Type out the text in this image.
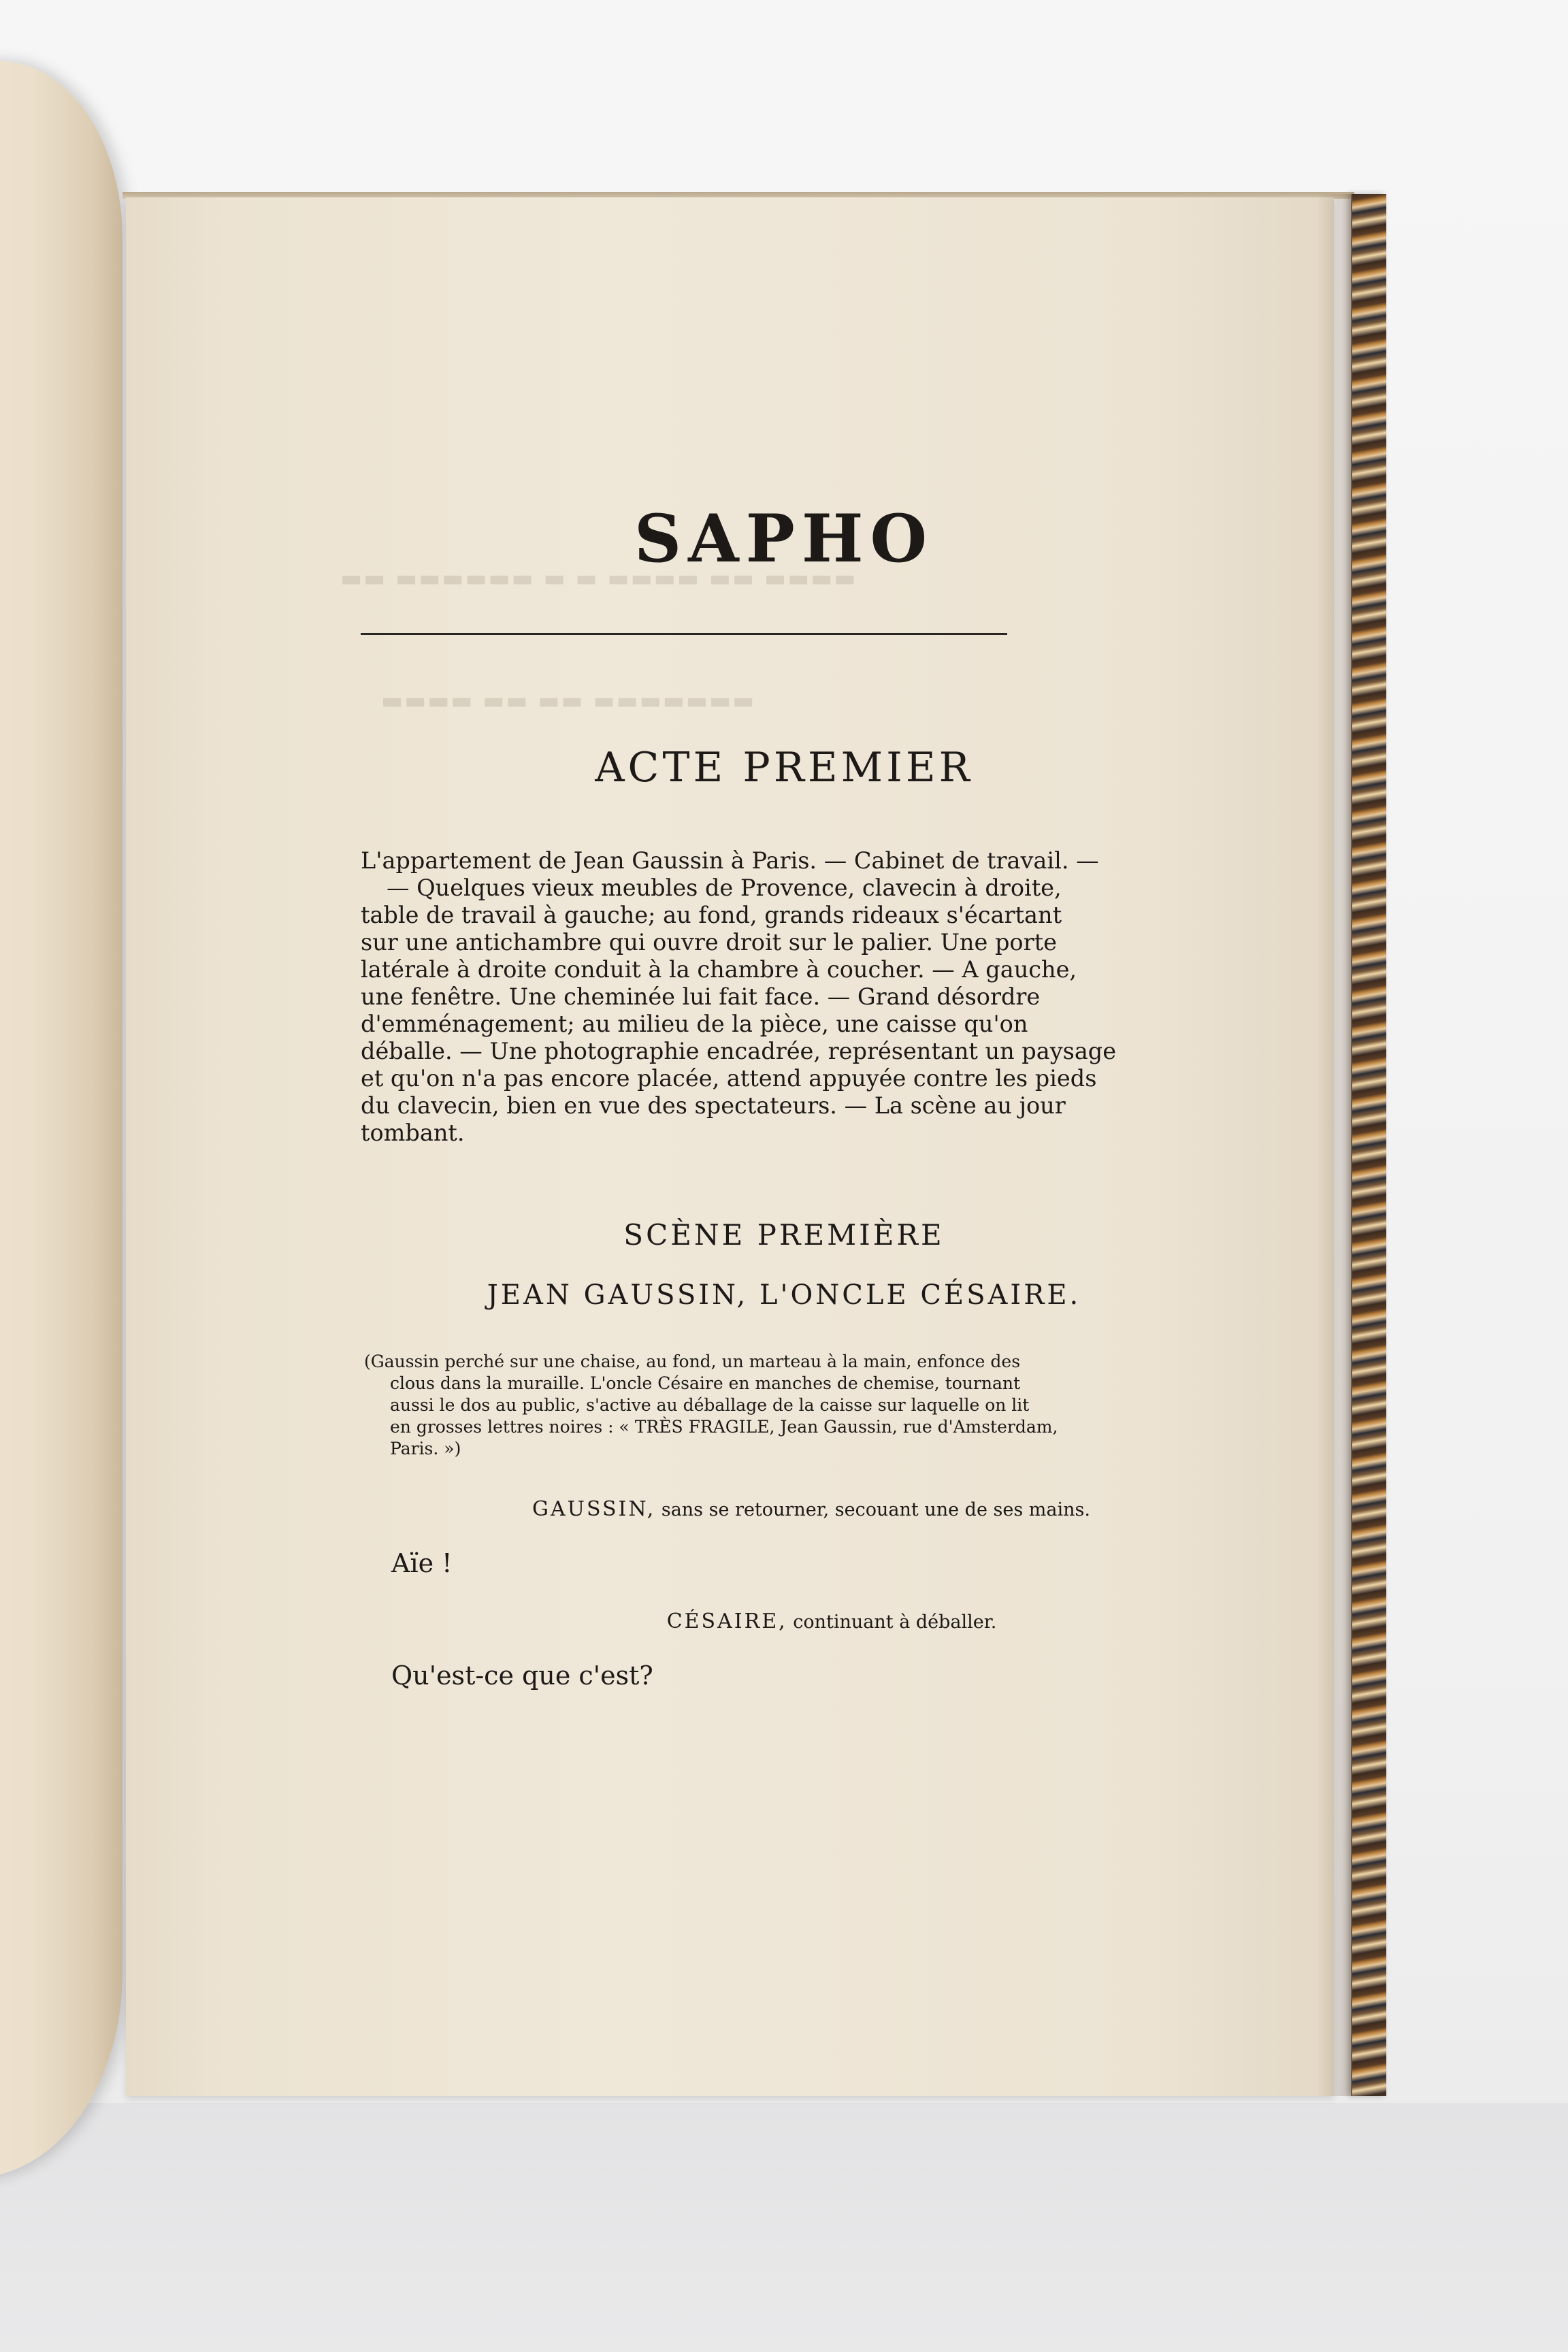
▬▬ ▬▬▬▬▬▬ ▬ ▬ ▬▬▬▬ ▬▬ ▬▬▬▬
▬▬▬▬ ▬▬ ▬▬ ▬▬▬▬▬▬▬
SAPHO
ACTE PREMIER
L'appartement de Jean Gaussin à Paris. — Cabinet de travail. —
— Quelques vieux meubles de Provence, clavecin à droite,
table de travail à gauche; au fond, grands rideaux s'écartant
sur une antichambre qui ouvre droit sur le palier. Une porte
latérale à droite conduit à la chambre à coucher. — A gauche,
une fenêtre. Une cheminée lui fait face. — Grand désordre
d'emménagement; au milieu de la pièce, une caisse qu'on
déballe. — Une photographie encadrée, représentant un paysage
et qu'on n'a pas encore placée, attend appuyée contre les pieds
du clavecin, bien en vue des spectateurs. — La scène au jour
tombant.
SCÈNE PREMIÈRE
JEAN GAUSSIN, L'ONCLE CÉSAIRE.
(Gaussin perché sur une chaise, au fond, un marteau à la main, enfonce des
clous dans la muraille. L'oncle Césaire en manches de chemise, tournant
aussi le dos au public, s'active au déballage de la caisse sur laquelle on lit
en grosses lettres noires : « TRÈS FRAGILE, Jean Gaussin, rue d'Amsterdam,
Paris. »)
GAUSSIN, sans se retourner, secouant une de ses mains.
Aïe !
CÉSAIRE, continuant à déballer.
Qu'est-ce que c'est?
